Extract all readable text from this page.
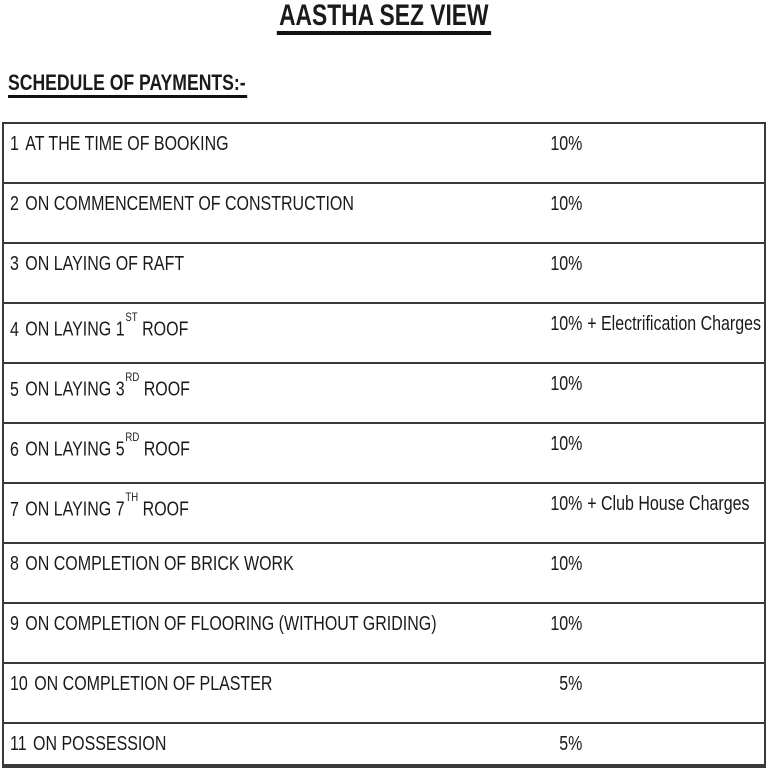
AASTHA SEZ VIEW
SCHEDULE OF PAYMENTS:-
1 AT THE TIME OF BOOKING	10%
2 ON COMMENCEMENT OF CONSTRUCTION	10%
3 ON LAYING OF RAFT	10%
4 ON LAYING 1ST ROOF	10% + Electrification Charges
5 ON LAYING 3RD ROOF	10%
6 ON LAYING 5RD ROOF	10%
7 ON LAYING 7TH ROOF	10% + Club House Charges
8 ON COMPLETION OF BRICK WORK	10%
9 ON COMPLETION OF FLOORING (WITHOUT GRIDING)	10%
10 ON COMPLETION OF PLASTER	5%
11 ON POSSESSION	5%
